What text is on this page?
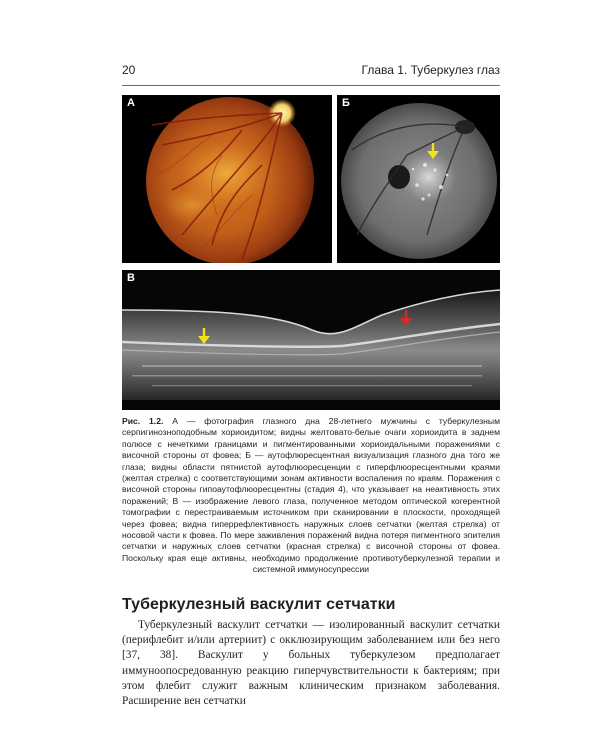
20	Глава 1. Туберкулез глаз
А	Б
В
Рис. 1.2. А — фотография глазного дна 28-летнего мужчины с туберкулезным серпигинозноподобным хориоидитом; видны желтовато-белые очаги хориоидита в заднем полюсе с нечеткими границами и пигментированными хориоидальными поражениями с височной стороны от фовеа; Б — аутофлюресцентная визуализация глазного дна того же глаза; видны области пятнистой аутофлюоресценции с гиперфлюоресцентными краями (желтая стрелка) с соответствующими зонам активности воспаления по краям. Поражения с височной стороны гипоаутофлюоресцентны (стадия 4), что указывает на неактивность этих поражений; В — изображение левого глаза, полученное методом оптической когерентной томографии с перестраиваемым источником при сканировании в плоскости, проходящей через фовеа; видна гиперрефлективность наружных слоев сетчатки (желтая стрелка) от носовой части к фовеа. По мере заживления поражений видна потеря пигментного эпителия сетчатки и наружных слоев сетчатки (красная стрелка) с височной стороны от фовеа. Поскольку края еще активны, необходимо продолжение противотуберкулезной терапии и системной иммуносупрессии
Туберкулезный васкулит сетчатки
Туберкулезный васкулит сетчатки — изолированный васкулит сетчатки (перифлебит и/или артериит) с окклюзирующим заболеванием или без него [37, 38]. Васкулит у больных туберкулезом предполагает иммуноопосредованную реакцию гиперчувствительности к бактериям; при этом флебит служит важным клиническим признаком заболевания. Расширение вен сетчатки
